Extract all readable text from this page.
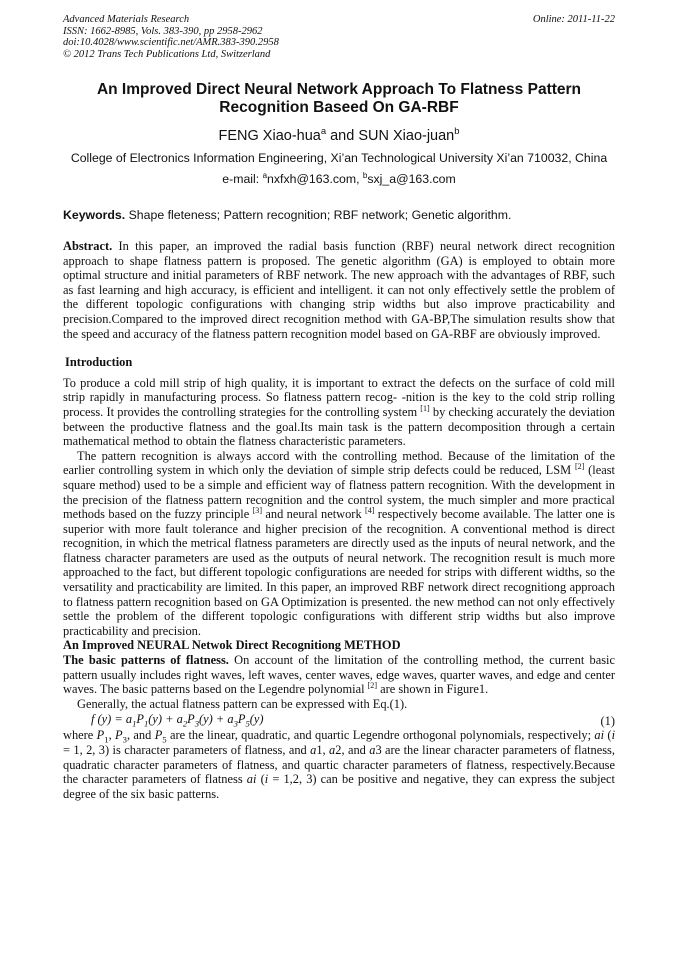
Advanced Materials Research
ISSN: 1662-8985, Vols. 383-390, pp 2958-2962
doi:10.4028/www.scientific.net/AMR.383-390.2958
© 2012 Trans Tech Publications Ltd, Switzerland
Online: 2011-11-22
An Improved Direct Neural Network Approach To Flatness Pattern
Recognition Baseed On GA-RBF
FENG Xiao-hua$^a$ and SUN Xiao-juan$^b$
College of Electronics Information Engineering, Xi’an Technological University Xi’an 710032, China
e-mail: $^a$nxfxh@163.com, $^b$sxj_a@163.com
Keywords. Shape fleteness; Pattern recognition; RBF network; Genetic algorithm.

Abstract. In this paper, an improved the radial basis function (RBF) neural network direct recognition approach to shape flatness pattern is proposed. The genetic algorithm (GA) is employed to obtain more optimal structure and initial parameters of RBF network. The new approach with the advantages of RBF, such as fast learning and high accuracy, is efficient and intelligent. it can not only effectively settle the problem of the different topologic configurations with changing strip widths but also improve practicability and precision.Compared to the improved direct recognition method with GA-BP,The simulation results show that the speed and accuracy of the flatness pattern recognition model based on GA-RBF are obviously improved.

Introduction

To produce a cold mill strip of high quality, it is important to extract the defects on the surface of cold mill strip rapidly in manufacturing process. So flatness pattern recog- -nition is the key to the cold strip rolling process. It provides the controlling strategies for the controlling system [1] by checking accurately the deviation between the productive flatness and the goal.Its main task is the pattern decomposition through a certain mathematical method to obtain the flatness characteristic parameters.

The pattern recognition is always accord with the controlling method. Because of the limitation of the earlier controlling system in which only the deviation of simple strip defects could be reduced, LSM [2] (least square method) used to be a simple and efficient way of flatness pattern recognition. With the development in the precision of the flatness pattern recognition and the control system, the much simpler and more practical methods based on the fuzzy principle [3] and neural network [4] respectively become available. The latter one is superior with more fault tolerance and higher precision of the recognition. A conventional method is direct recognition, in which the metrical flatness parameters are directly used as the inputs of neural network, and the flatness character parameters are used as the outputs of neural network. The recognition result is much more approached to the fact, but different topologic configurations are needed for strips with different widths, so the versatility and practicability are limited. In this paper, an improved RBF network direct recognitiong approach to flatness pattern recognition based on GA Optimization is presented. the new method can not only effectively settle the problem of the different topologic configurations with different strip widths but also improve practicability and precision.

An Improved NEURAL Netwok Direct Recognitiong METHOD

The basic patterns of flatness. On account of the limitation of the controlling method, the current basic pattern usually includes right waves, left waves, center waves, edge waves, quarter waves, and edge and center waves. The basic patterns based on the Legendre polynomial [2] are shown in Figure1.

Generally, the actual flatness pattern can be expressed with Eq.(1).

f $(y) = a_1P_1(y) + a_2P_3(y) + a_3P_5(y)$	(1)

where $P_1$, $P_3$, and $P_5$ are the linear, quadratic, and quartic Legendre orthogonal polynomials, respectively; ai (i = 1, 2, 3) is character parameters of flatness, and a1, a2, and a3 are the linear character parameters of flatness, quadratic character parameters of flatness, and quartic character parameters of flatness, respectively.Because the character parameters of flatness ai (i = 1,2, 3) can be positive and negative, they can express the subject degree of the six basic patterns.
